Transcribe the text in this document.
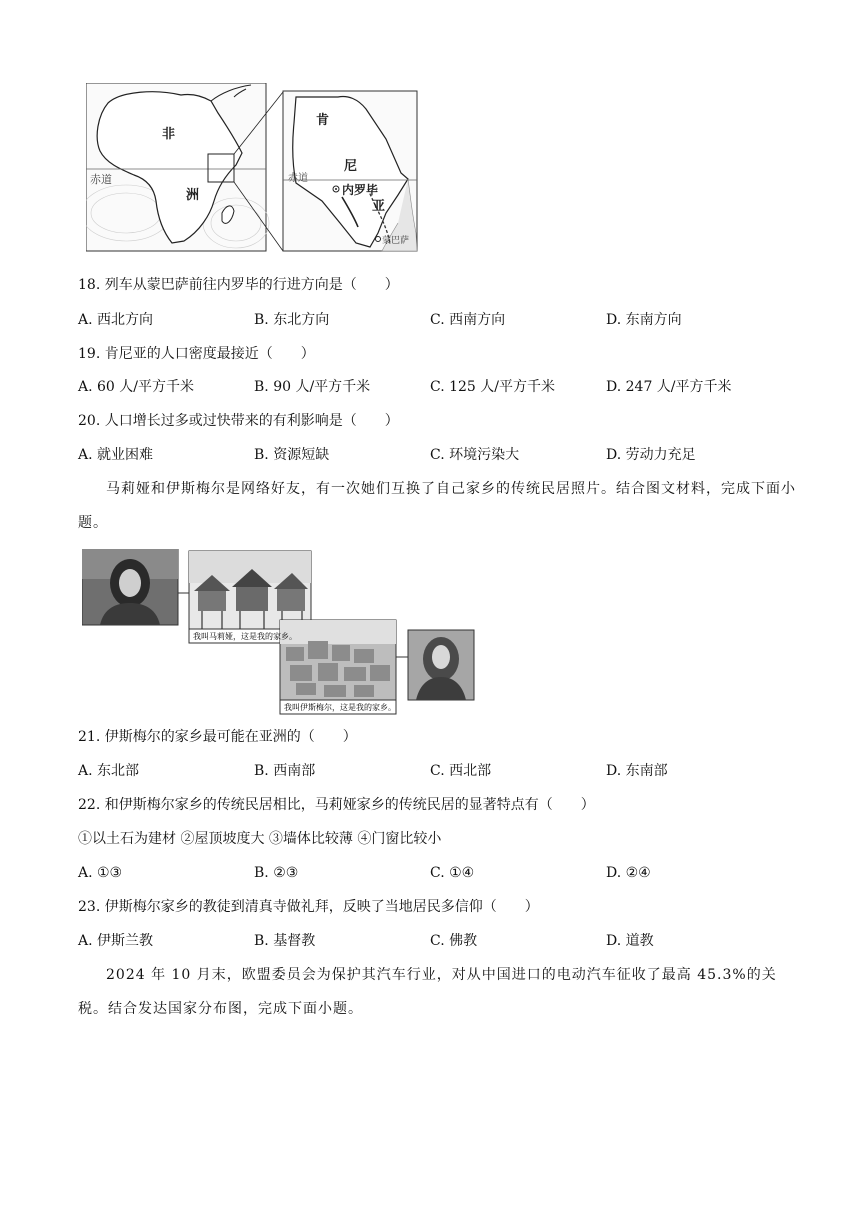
非
洲
赤道
肯
尼
亚
赤道
内罗毕
蒙巴萨
18. 列车从蒙巴萨前往内罗毕的行进方向是（　　）
A. 西北方向	B. 东北方向	C. 西南方向	D. 东南方向
19. 肯尼亚的人口密度最接近（　　）
A. 60 人/平方千米	B. 90 人/平方千米	C. 125 人/平方千米	D. 247 人/平方千米
20. 人口增长过多或过快带来的有利影响是（　　）
A. 就业困难	B. 资源短缺	C. 环境污染大	D. 劳动力充足
马莉娅和伊斯梅尔是网络好友，有一次她们互换了自己家乡的传统民居照片。结合图文材料，完成下面小题。
我叫马莉娅，这是我的家乡。
我叫伊斯梅尔，这是我的家乡。
21. 伊斯梅尔的家乡最可能在亚洲的（　　）
A. 东北部	B. 西南部	C. 西北部	D. 东南部
22. 和伊斯梅尔家乡的传统民居相比，马莉娅家乡的传统民居的显著特点有（　　）
①以土石为建材 ②屋顶坡度大 ③墙体比较薄 ④门窗比较小
A. ①③	B. ②③	C. ①④	D. ②④
23. 伊斯梅尔家乡的教徒到清真寺做礼拜，反映了当地居民多信仰（　　）
A. 伊斯兰教	B. 基督教	C. 佛教	D. 道教
2024 年 10 月末，欧盟委员会为保护其汽车行业，对从中国进口的电动汽车征收了最高 45.3%的关税。结合发达国家分布图，完成下面小题。
